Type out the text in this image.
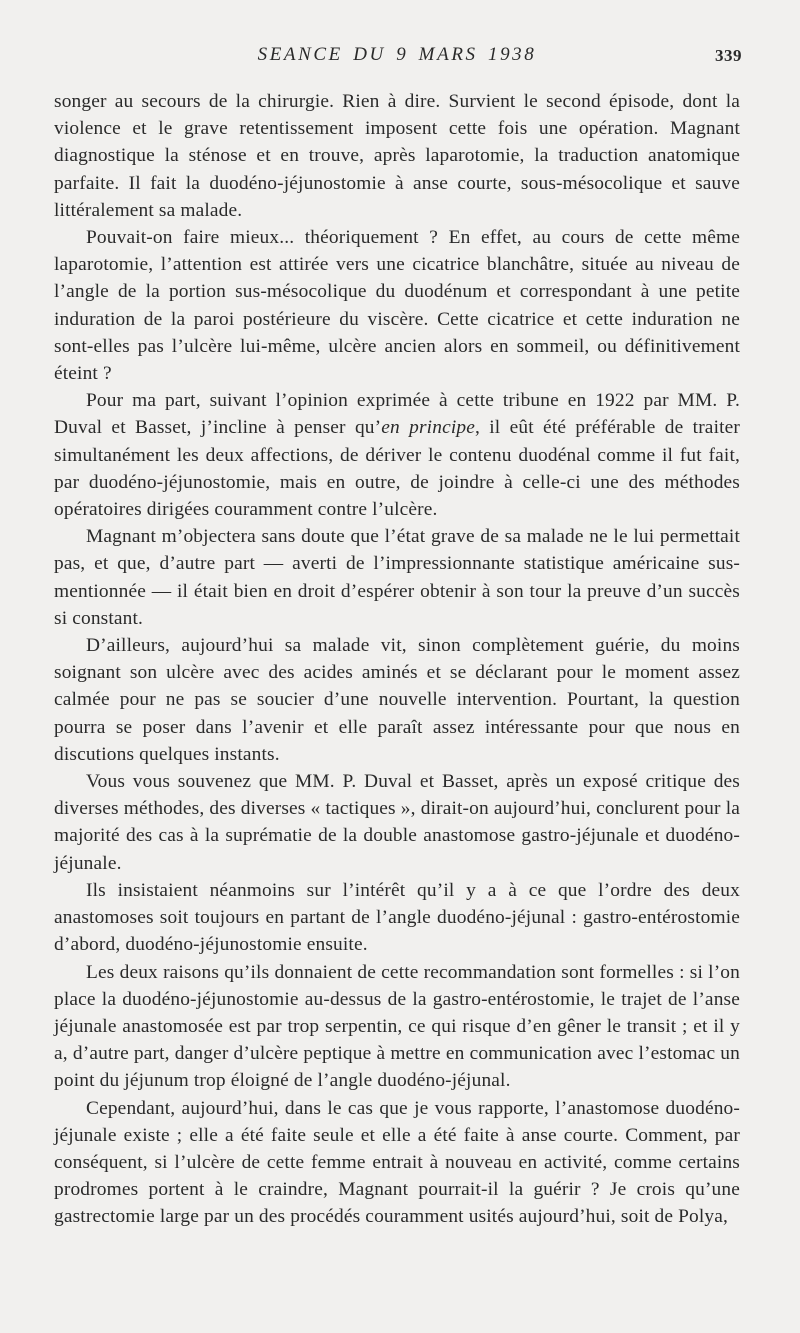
SEANCE DU 9 MARS 1938	339

songer au secours de la chirurgie. Rien à dire. Survient le second épisode, dont la violence et le grave retentissement imposent cette fois une opération. Magnant diagnostique la sténose et en trouve, après laparotomie, la traduction anatomique parfaite. Il fait la duodéno-jéjunostomie à anse courte, sous-mésocolique et sauve littéralement sa malade.

Pouvait-on faire mieux... théoriquement ? En effet, au cours de cette même laparotomie, l’attention est attirée vers une cicatrice blanchâtre, située au niveau de l’angle de la portion sus-mésocolique du duodénum et correspondant à une petite induration de la paroi postérieure du viscère. Cette cicatrice et cette induration ne sont-elles pas l’ulcère lui-même, ulcère ancien alors en sommeil, ou définitivement éteint ?

Pour ma part, suivant l’opinion exprimée à cette tribune en 1922 par MM. P. Duval et Basset, j’incline à penser qu’en principe, il eût été préférable de traiter simultanément les deux affections, de dériver le contenu duodénal comme il fut fait, par duodéno-jéjunostomie, mais en outre, de joindre à celle-ci une des méthodes opératoires dirigées couramment contre l’ulcère.

Magnant m’objectera sans doute que l’état grave de sa malade ne le lui permettait pas, et que, d’autre part — averti de l’impressionnante statistique américaine sus-mentionnée — il était bien en droit d’espérer obtenir à son tour la preuve d’un succès si constant.

D’ailleurs, aujourd’hui sa malade vit, sinon complètement guérie, du moins soignant son ulcère avec des acides aminés et se déclarant pour le moment assez calmée pour ne pas se soucier d’une nouvelle intervention. Pourtant, la question pourra se poser dans l’avenir et elle paraît assez intéressante pour que nous en discutions quelques instants.

Vous vous souvenez que MM. P. Duval et Basset, après un exposé critique des diverses méthodes, des diverses « tactiques », dirait-on aujourd’hui, conclurent pour la majorité des cas à la suprématie de la double anastomose gastro-jéjunale et duodéno-jéjunale.

Ils insistaient néanmoins sur l’intérêt qu’il y a à ce que l’ordre des deux anastomoses soit toujours en partant de l’angle duodéno-jéjunal : gastro-entérostomie d’abord, duodéno-jéjunostomie ensuite.

Les deux raisons qu’ils donnaient de cette recommandation sont formelles : si l’on place la duodéno-jéjunostomie au-dessus de la gastro-entérostomie, le trajet de l’anse jéjunale anastomosée est par trop serpentin, ce qui risque d’en gêner le transit ; et il y a, d’autre part, danger d’ulcère peptique à mettre en communication avec l’estomac un point du jéjunum trop éloigné de l’angle duodéno-jéjunal.

Cependant, aujourd’hui, dans le cas que je vous rapporte, l’anastomose duodéno-jéjunale existe ; elle a été faite seule et elle a été faite à anse courte. Comment, par conséquent, si l’ulcère de cette femme entrait à nouveau en activité, comme certains prodromes portent à le craindre, Magnant pourrait-il la guérir ? Je crois qu’une gastrectomie large par un des procédés couramment usités aujourd’hui, soit de Polya,
